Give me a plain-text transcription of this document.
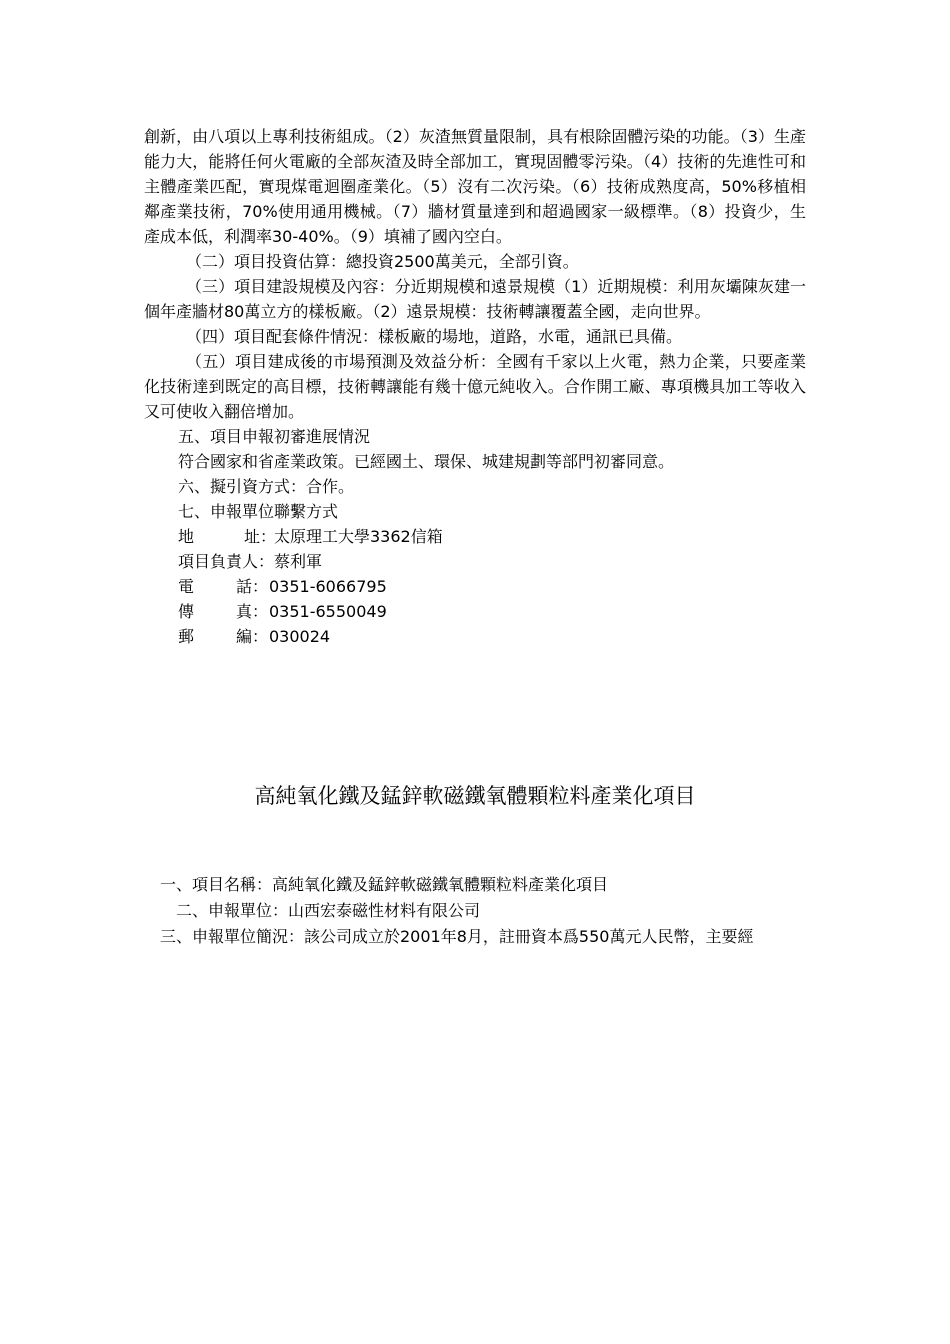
創新，由八項以上專利技術組成。（2）灰渣無質量限制，具有根除固體污染的功能。（3）生產能力大，能將任何火電廠的全部灰渣及時全部加工，實現固體零污染。（4）技術的先進性可和主體產業匹配，實現煤電迴圈產業化。（5）沒有二次污染。（6）技術成熟度高，50%移植相鄰產業技術，70%使用通用機械。（7）牆材質量達到和超過國家一級標準。（8）投資少，生產成本低，利潤率30-40%。（9）填補了國內空白。

（二）項目投資估算：總投資2500萬美元，全部引資。

（三）項目建設規模及內容：分近期規模和遠景規模（1）近期規模：利用灰壩陳灰建一個年產牆材80萬立方的樣板廠。（2）遠景規模：技術轉讓覆蓋全國，走向世界。

（四）項目配套條件情況：樣板廠的場地，道路，水電，通訊已具備。

（五）項目建成後的市場預測及效益分析：全國有千家以上火電，熱力企業，只要產業化技術達到既定的高目標，技術轉讓能有幾十億元純收入。合作開工廠、專項機具加工等收入又可使收入翻倍增加。

五、項目申報初審進展情況

符合國家和省產業政策。已經國土、環保、城建規劃等部門初審同意。

六、擬引資方式：合作。

七、申報單位聯繫方式

地	址：太原理工大學3362信箱

項目負責人：蔡利軍

電	話：0351-6066795

傳	真：0351-6550049

郵	編：030024

高純氧化鐵及錳鋅軟磁鐵氧體顆粒料產業化項目

一、項目名稱：高純氧化鐵及錳鋅軟磁鐵氧體顆粒料產業化項目

二、申報單位：山西宏泰磁性材料有限公司

三、申報單位簡況：該公司成立於2001年8月，註冊資本爲550萬元人民幣，主要經
